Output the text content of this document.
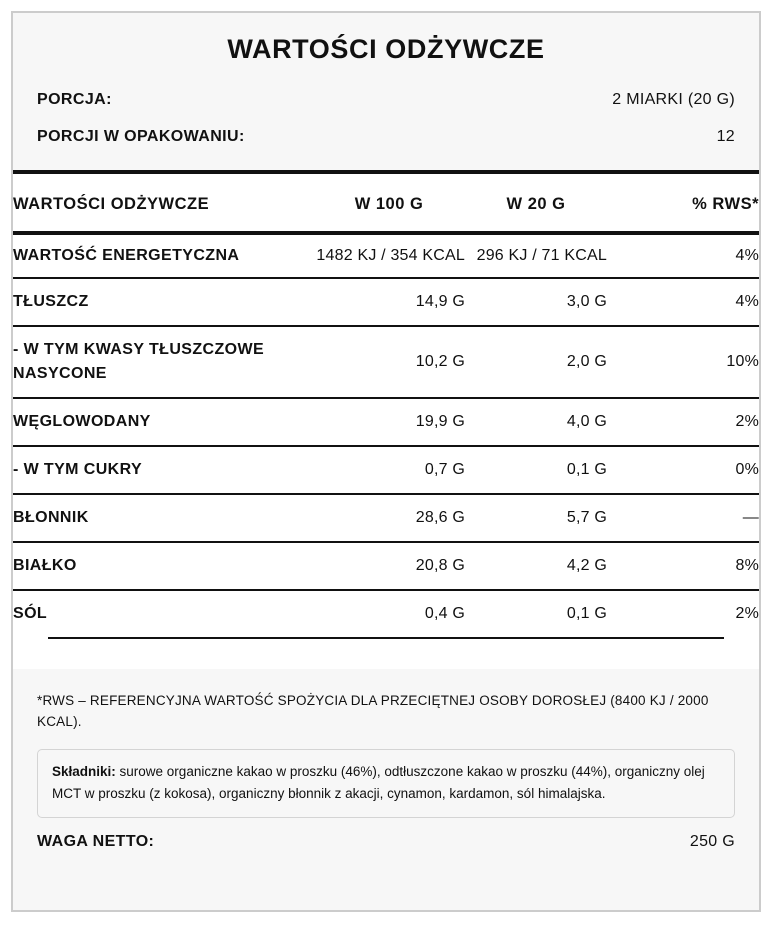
WARTOŚCI ODŻYWCZE
PORCJA:	2 MIARKI (20 G)
PORCJI W OPAKOWANIU:	12
WARTOŚCI ODŻYWCZE	W 100 G	W 20 G	% RWS*
WARTOŚĆ ENERGETYCZNA	1482 KJ / 354 KCAL	296 KJ / 71 KCAL	4%
TŁUSZCZ	14,9 G	3,0 G	4%
- W TYM KWASY TŁUSZCZOWE NASYCONE	10,2 G	2,0 G	10%
WĘGLOWODANY	19,9 G	4,0 G	2%
- W TYM CUKRY	0,7 G	0,1 G	0%
BŁONNIK	28,6 G	5,7 G	—
BIAŁKO	20,8 G	4,2 G	8%
SÓL	0,4 G	0,1 G	2%

*RWS – REFERENCYJNA WARTOŚĆ SPOŻYCIA DLA PRZECIĘTNEJ OSOBY DOROSŁEJ (8400 KJ / 2000 KCAL).

Składniki: surowe organiczne kakao w proszku (46%), odtłuszczone kakao w proszku (44%), organiczny olej MCT w proszku (z kokosa), organiczny błonnik z akacji, cynamon, kardamon, sól himalajska.

WAGA NETTO:	250 G
